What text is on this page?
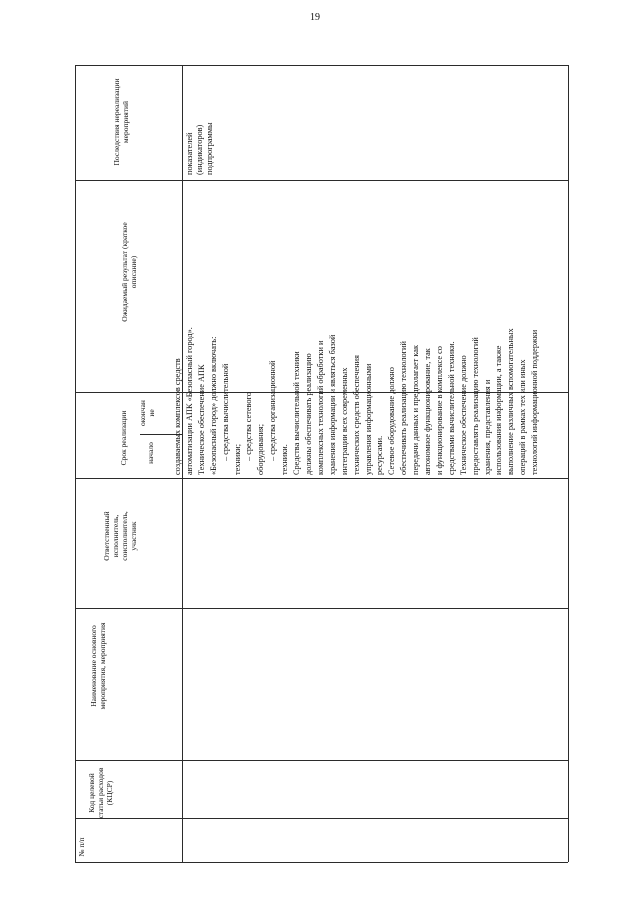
19
№ п/п
Код целевой статьи расходов (КЦСР)
Наименование основного мероприятия, мероприятия
Ответственный исполнитель, соисполнитель, участник
Срок реализации	начало
окончан ие
Ожидаемый результат (краткое описание)
Последствия нереализации мероприятий
показателей (индикаторов) подпрограммы

создаваемых комплексов средств автоматизации АПК «Безопасный город». Техническое обеспечение АПК «Безопасный город» должно включать: – средства вычислительной техники; – средства сетевого оборудования; – средства организационной техники. Средства вычислительной техники должны обеспечивать реализацию комплексных технологий обработки и хранения информации и являться базой интеграции всех современных технических средств обеспечения управления информационными ресурсами. Сетевое оборудование должно обеспечивать реализацию технологий передачи данных и предполагает как автономное функционирование, так и функционирование в комплексе со средствами вычислительной техники. Техническое обеспечение должно предоставлять реализацию технологий хранения, представления и использования информации, а также выполнение различных вспомогательных операций в рамках тех или иных технологий информационной поддержки
